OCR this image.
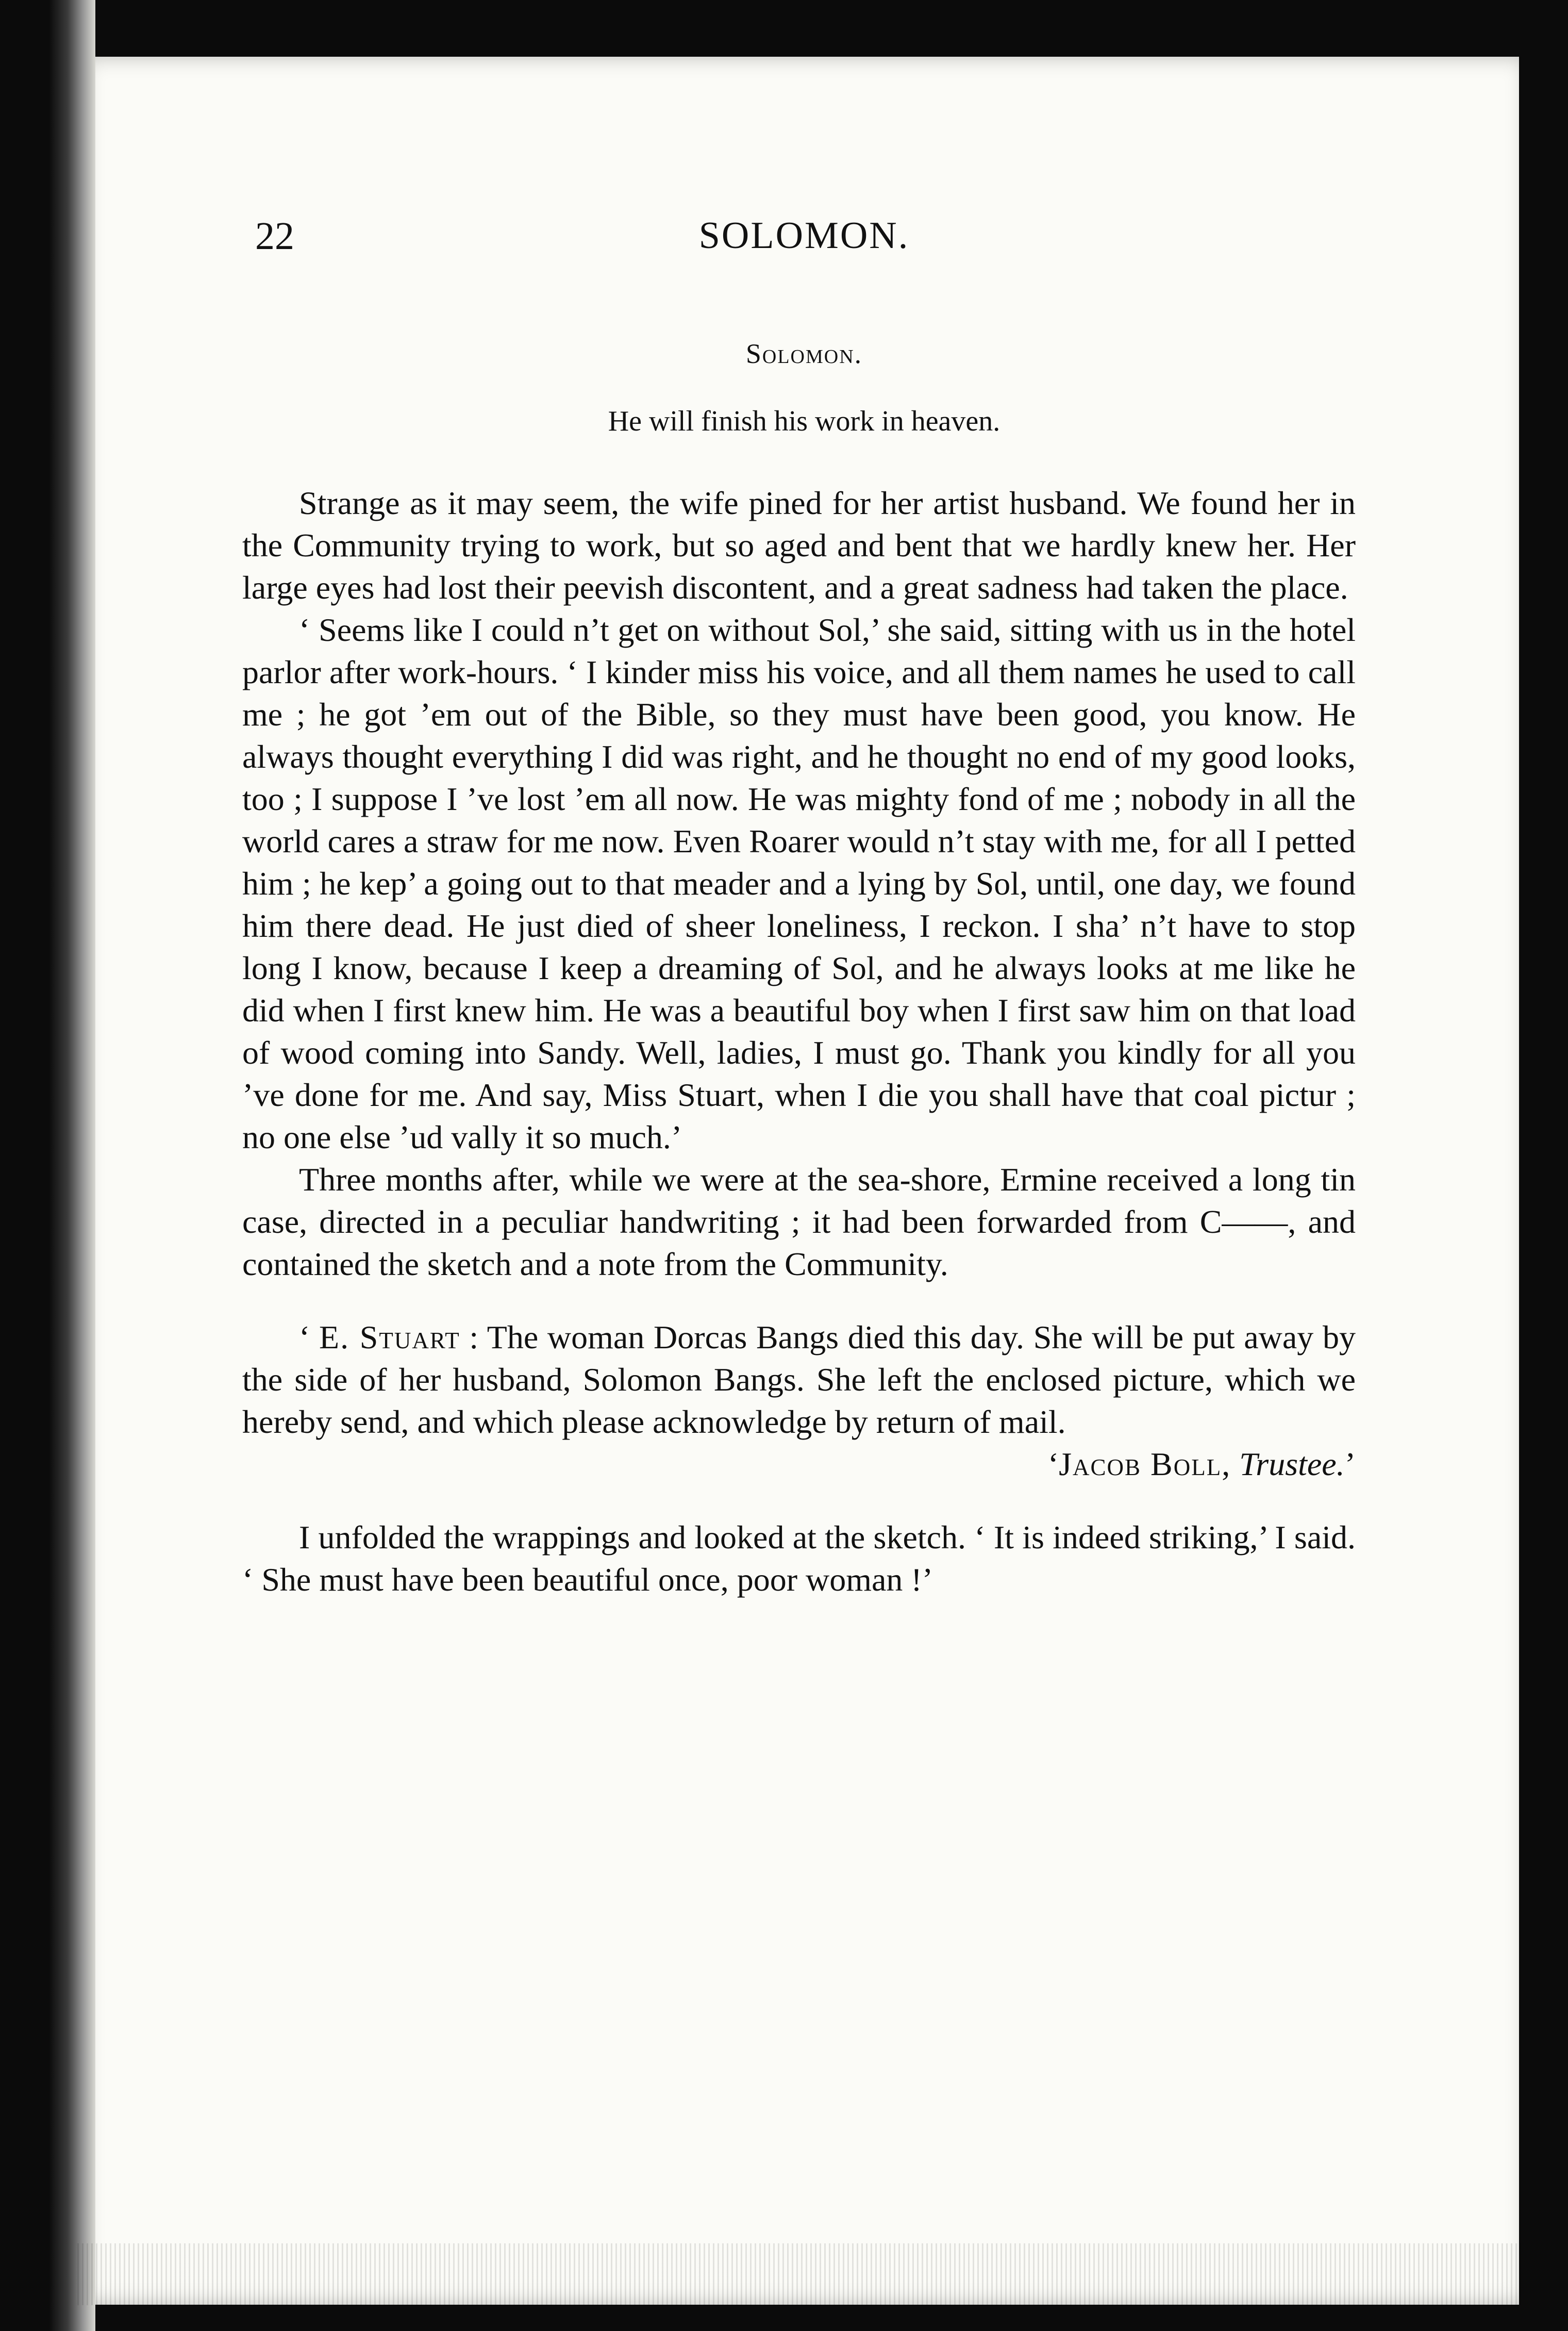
22	SOLOMON.
Solomon.
He will finish his work in heaven.

Strange as it may seem, the wife pined for her artist husband. We found her in the Community trying to work, but so aged and bent that we hardly knew her. Her large eyes had lost their peevish discontent, and a great sadness had taken the place.

‘ Seems like I could n’t get on without Sol,’ she said, sitting with us in the hotel parlor after work-hours. ‘ I kinder miss his voice, and all them names he used to call me ; he got ’em out of the Bible, so they must have been good, you know. He always thought everything I did was right, and he thought no end of my good looks, too ; I suppose I ’ve lost ’em all now. He was mighty fond of me ; nobody in all the world cares a straw for me now. Even Roarer would n’t stay with me, for all I petted him ; he kep’ a going out to that meader and a lying by Sol, until, one day, we found him there dead. He just died of sheer loneliness, I reckon. I sha’ n’t have to stop long I know, because I keep a dreaming of Sol, and he always looks at me like he did when I first knew him. He was a beautiful boy when I first saw him on that load of wood coming into Sandy. Well, ladies, I must go. Thank you kindly for all you ’ve done for me. And say, Miss Stuart, when I die you shall have that coal pictur ; no one else ’ud vally it so much.’

Three months after, while we were at the sea-shore, Ermine received a long tin case, directed in a peculiar handwriting ; it had been forwarded from C——, and contained the sketch and a note from the Community.

‘ E. Stuart : The woman Dorcas Bangs died this day. She will be put away by the side of her husband, Solomon Bangs. She left the enclosed picture, which we hereby send, and which please acknowledge by return of mail.

‘Jacob Boll, Trustee.’

I unfolded the wrappings and looked at the sketch. ‘ It is indeed striking,’ I said. ‘ She must have been beautiful once, poor woman !’
